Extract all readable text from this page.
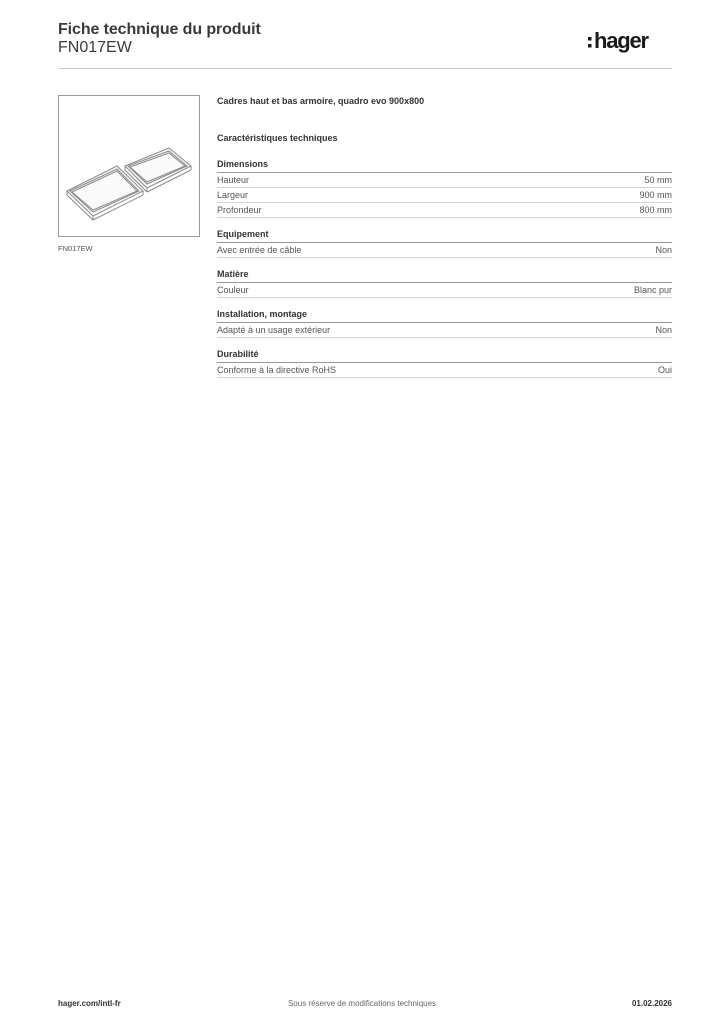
Fiche technique du produit
FN017EW	hager
FN017EW
Cadres haut et bas armoire, quadro evo 900x800
Caractéristiques techniques
Dimensions
Hauteur	50 mm
Largeur	900 mm
Profondeur	800 mm
Equipement
Avec entrée de câble	Non
Matière
Couleur	Blanc pur
Installation, montage
Adapté à un usage extérieur	Non
Durabilité
Conforme à la directive RoHS	Oui
hager.com/intl-fr	Sous réserve de modifications techniques	01.02.2026
